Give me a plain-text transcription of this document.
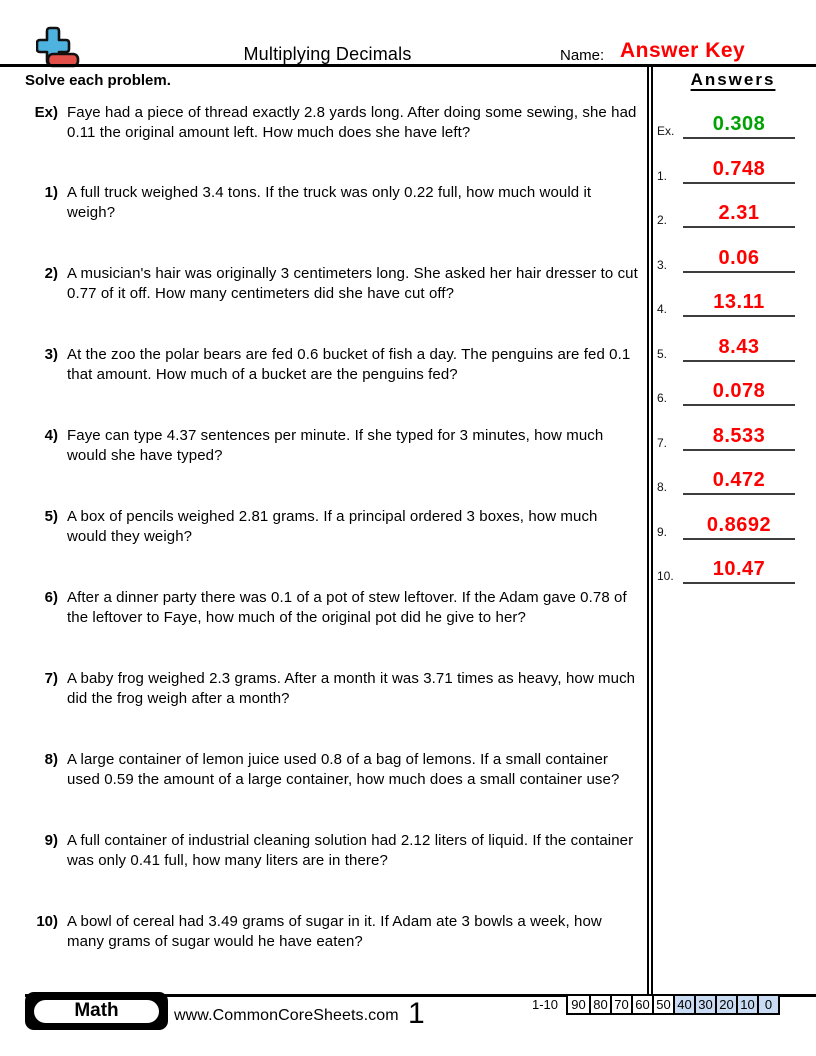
Multiplying Decimals	Name: Answer Key
Solve each problem.
Ex) Faye had a piece of thread exactly 2.8 yards long. After doing some sewing, she had 0.11 the original amount left. How much does she have left?
1) A full truck weighed 3.4 tons. If the truck was only 0.22 full, how much would it weigh?
2) A musician's hair was originally 3 centimeters long. She asked her hair dresser to cut 0.77 of it off. How many centimeters did she have cut off?
3) At the zoo the polar bears are fed 0.6 bucket of fish a day. The penguins are fed 0.1 that amount. How much of a bucket are the penguins fed?
4) Faye can type 4.37 sentences per minute. If she typed for 3 minutes, how much would she have typed?
5) A box of pencils weighed 2.81 grams. If a principal ordered 3 boxes, how much would they weigh?
6) After a dinner party there was 0.1 of a pot of stew leftover. If the Adam gave 0.78 of the leftover to Faye, how much of the original pot did he give to her?
7) A baby frog weighed 2.3 grams. After a month it was 3.71 times as heavy, how much did the frog weigh after a month?
8) A large container of lemon juice used 0.8 of a bag of lemons. If a small container used 0.59 the amount of a large container, how much does a small container use?
9) A full container of industrial cleaning solution had 2.12 liters of liquid. If the container was only 0.41 full, how many liters are in there?
10) A bowl of cereal had 3.49 grams of sugar in it. If Adam ate 3 bowls a week, how many grams of sugar would he have eaten?
Answers
Ex.	0.308
1.	0.748
2.	2.31
3.	0.06
4.	13.11
5.	8.43
6.	0.078
7.	8.533
8.	0.472
9.	0.8692
10.	10.47
Math	www.CommonCoreSheets.com 1	1-10 90 80 70 60 50 40 30 20 10 0
